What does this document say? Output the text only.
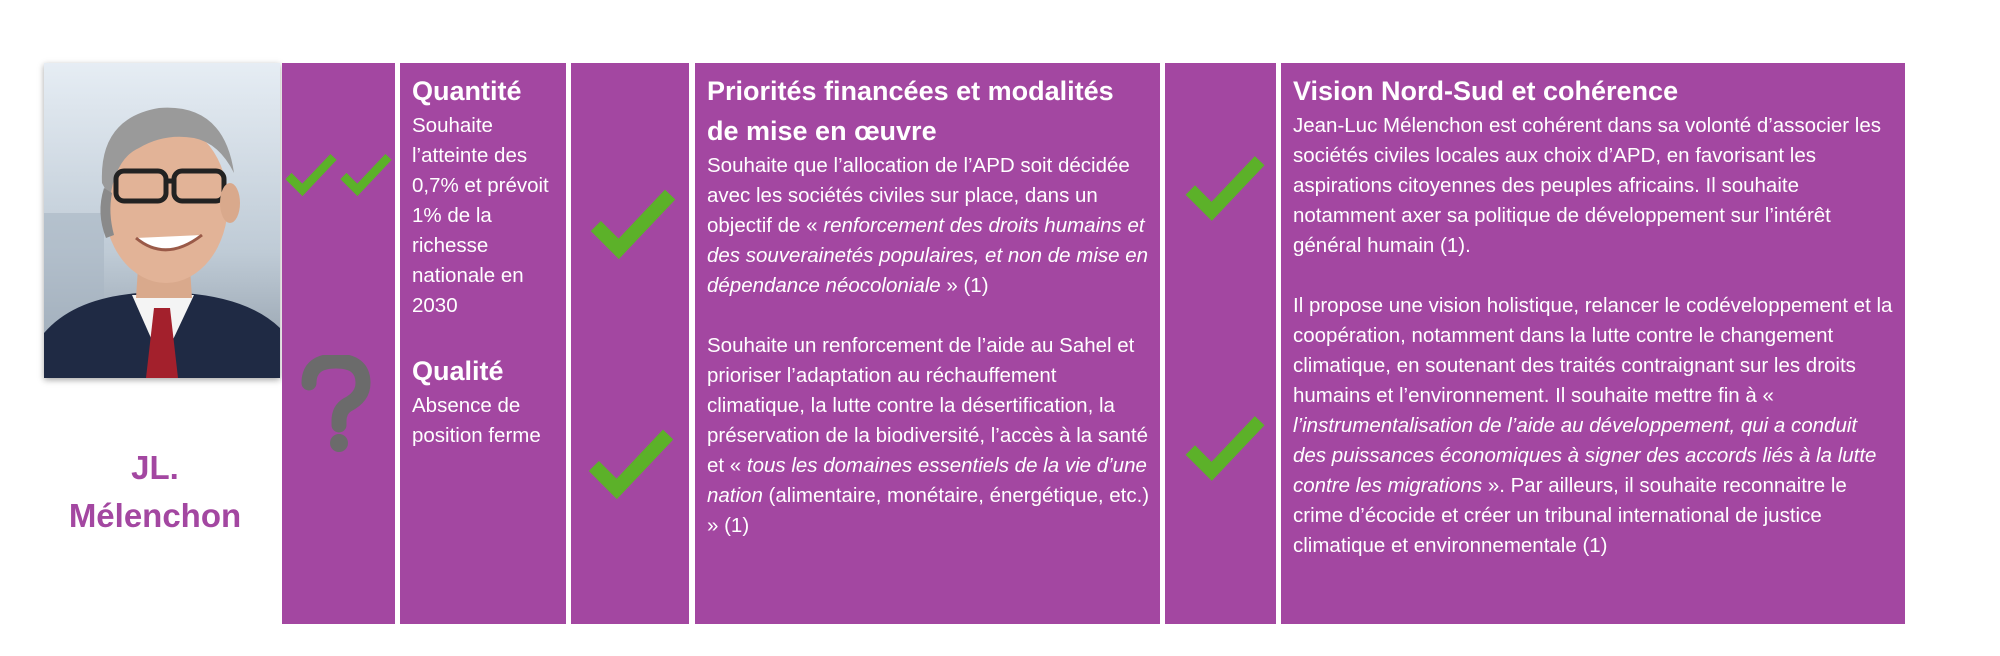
JL.
Mélenchon
Quantité
Souhaite l’atteinte des 0,7% et prévoit 1% de la richesse nationale en 2030
Qualité
Absence de position ferme
Priorités financées et modalités de mise en œuvre
Souhaite que l’allocation de l’APD soit décidée avec les sociétés civiles sur place, dans un objectif de « renforcement des droits humains et des souverainetés populaires, et non de mise en dépendance néocoloniale » (1)
Souhaite un renforcement de l’aide au Sahel et prioriser l’adaptation au réchauffement climatique, la lutte contre la désertification, la préservation de la biodiversité, l’accès à la santé et « tous les domaines essentiels de la vie d’une nation (alimentaire, monétaire, énergétique, etc.) » (1)
Vision Nord-Sud et cohérence
Jean-Luc Mélenchon est cohérent dans sa volonté d’associer les sociétés civiles locales aux choix d’APD, en favorisant les aspirations citoyennes des peuples africains. Il souhaite notamment axer sa politique de développement sur l’intérêt général humain (1).
Il propose une vision holistique, relancer le codéveloppement et la coopération, notamment dans la lutte contre le changement climatique, en soutenant des traités contraignant sur les droits humains et l’environnement. Il souhaite mettre fin à « l’instrumentalisation de l’aide au développement, qui a conduit des puissances économiques à signer des accords liés à la lutte contre les migrations ». Par ailleurs, il souhaite reconnaitre le crime d’écocide et créer un tribunal international de justice climatique et environnementale (1)
